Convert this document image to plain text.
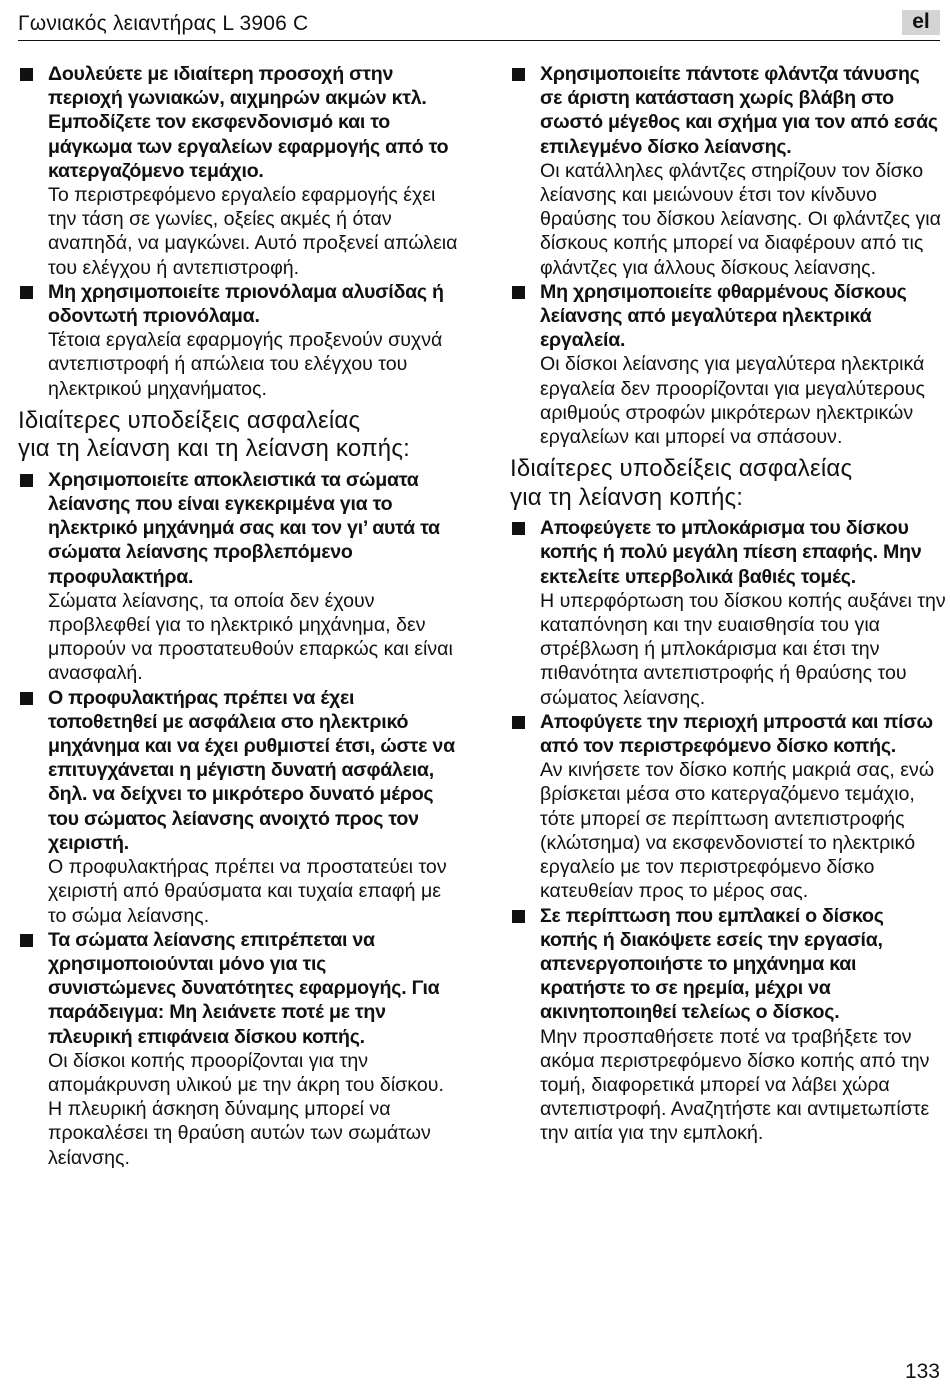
Γωνιακός λειαντήρας L 3906 C	el

Δουλεύετε με ιδιαίτερη προσοχή στην περιοχή γωνιακών, αιχμηρών ακμών κτλ. Εμποδίζετε τον εκσφενδονισμό και το μάγκωμα των εργαλείων εφαρμογής από το κατεργαζόμενο τεμάχιο.

Το περιστρεφόμενο εργαλείο εφαρμογής έχει την τάση σε γωνίες, οξείες ακμές ή όταν αναπηδά, να μαγκώνει. Αυτό προξενεί απώλεια του ελέγχου ή αντεπιστροφή.

Μη χρησιμοποιείτε πριονόλαμα αλυσίδας ή οδοντωτή πριονόλαμα.

Τέτοια εργαλεία εφαρμογής προξενούν συχνά αντεπιστροφή ή απώλεια του ελέγχου του ηλεκτρικού μηχανήματος.

Ιδιαίτερες υποδείξεις ασφαλείας

για τη λείανση και τη λείανση κοπής:

Χρησιμοποιείτε αποκλειστικά τα σώματα λείανσης που είναι εγκεκριμένα για το ηλεκτρικό μηχάνημά σας και τον γι’ αυτά τα σώματα λείανσης προβλεπόμενο προφυλακτήρα.

Σώματα λείανσης, τα οποία δεν έχουν προβλεφθεί για το ηλεκτρικό μηχάνημα, δεν μπορούν να προστατευθούν επαρκώς και είναι ανασφαλή.

Ο προφυλακτήρας πρέπει να έχει τοποθετηθεί με ασφάλεια στο ηλεκτρικό μηχάνημα και να έχει ρυθμιστεί έτσι, ώστε να επιτυγχάνεται η μέγιστη δυνατή ασφάλεια, δηλ. να δείχνει το μικρότερο δυνατό μέρος του σώματος λείανσης ανοιχτό προς τον χειριστή.

Ο προφυλακτήρας πρέπει να προστατεύει τον χειριστή από θραύσματα και τυχαία επαφή με το σώμα λείανσης.

Τα σώματα λείανσης επιτρέπεται να χρησιμοποιούνται μόνο για τις συνιστώμενες δυνατότητες εφαρμογής. Για παράδειγμα: Μη λειάνετε ποτέ με την πλευρική επιφάνεια δίσκου κοπής.

Οι δίσκοι κοπής προορίζονται για την απομάκρυνση υλικού με την άκρη του δίσκου. Η πλευρική άσκηση δύναμης μπορεί να προκαλέσει τη θραύση αυτών των σωμάτων λείανσης.

Χρησιμοποιείτε πάντοτε φλάντζα τάνυσης σε άριστη κατάσταση χωρίς βλάβη στο σωστό μέγεθος και σχήμα για τον από εσάς επιλεγμένο δίσκο λείανσης.

Οι κατάλληλες φλάντζες στηρίζουν τον δίσκο λείανσης και μειώνουν έτσι τον κίνδυνο θραύσης του δίσκου λείανσης. Οι φλάντζες για δίσκους κοπής μπορεί να διαφέρουν από τις φλάντζες για άλλους δίσκους λείανσης.

Μη χρησιμοποιείτε φθαρμένους δίσκους λείανσης από μεγαλύτερα ηλεκτρικά εργαλεία.

Οι δίσκοι λείανσης για μεγαλύτερα ηλεκτρικά εργαλεία δεν προορίζονται για μεγαλύτερους αριθμούς στροφών μικρότερων ηλεκτρικών εργαλείων και μπορεί να σπάσουν.

Ιδιαίτερες υποδείξεις ασφαλείας

για τη λείανση κοπής:

Αποφεύγετε το μπλοκάρισμα του δίσκου κοπής ή πολύ μεγάλη πίεση επαφής. Μην εκτελείτε υπερβολικά βαθιές τομές.

Η υπερφόρτωση του δίσκου κοπής αυξάνει την καταπόνηση και την ευαισθησία του για στρέβλωση ή μπλοκάρισμα και έτσι την πιθανότητα αντεπιστροφής ή θραύσης του σώματος λείανσης.

Αποφύγετε την περιοχή μπροστά και πίσω από τον περιστρεφόμενο δίσκο κοπής.

Αν κινήσετε τον δίσκο κοπής μακριά σας, ενώ βρίσκεται μέσα στο κατεργαζόμενο τεμάχιο, τότε μπορεί σε περίπτωση αντεπιστροφής (κλώτσημα) να εκσφενδονιστεί το ηλεκτρικό εργαλείο με τον περιστρεφόμενο δίσκο κατευθείαν προς το μέρος σας.

Σε περίπτωση που εμπλακεί ο δίσκος κοπής ή διακόψετε εσείς την εργασία, απενεργοποιήστε το μηχάνημα και κρατήστε το σε ηρεμία, μέχρι να ακινητοποιηθεί τελείως ο δίσκος.

Μην προσπαθήσετε ποτέ να τραβήξετε τον ακόμα περιστρεφόμενο δίσκο κοπής από την τομή, διαφορετικά μπορεί να λάβει χώρα αντεπιστροφή. Αναζητήστε και αντιμετωπίστε την αιτία για την εμπλοκή.

133
